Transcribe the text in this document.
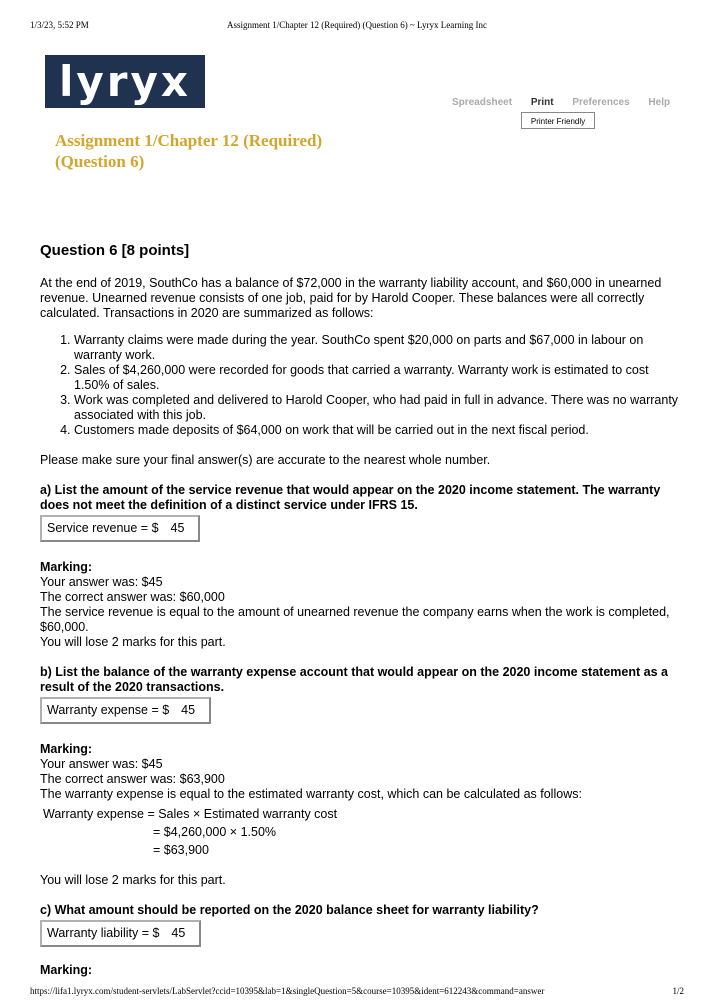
1/3/23, 5:52 PM	Assignment 1/Chapter 12 (Required) (Question 6) ~ Lyryx Learning Inc
lyryx	Spreadsheet Print Preferences Help
Printer Friendly
Assignment 1/Chapter 12 (Required) (Question 6)
Question 6 [8 points]

At the end of 2019, SouthCo has a balance of $72,000 in the warranty liability account, and $60,000 in unearned revenue. Unearned revenue consists of one job, paid for by Harold Cooper. These balances were all correctly calculated. Transactions in 2020 are summarized as follows:

1. Warranty claims were made during the year. SouthCo spent $20,000 on parts and $67,000 in labour on warranty work.
2. Sales of $4,260,000 were recorded for goods that carried a warranty. Warranty work is estimated to cost 1.50% of sales.
3. Work was completed and delivered to Harold Cooper, who had paid in full in advance. There was no warranty associated with this job.
4. Customers made deposits of $64,000 on work that will be carried out in the next fiscal period.

Please make sure your final answer(s) are accurate to the nearest whole number.

a) List the amount of the service revenue that would appear on the 2020 income statement. The warranty does not meet the definition of a distinct service under IFRS 15.

Service revenue = $ 45

Marking:

Your answer was: $45

The correct answer was: $60,000

The service revenue is equal to the amount of unearned revenue the company earns when the work is completed, $60,000.

You will lose 2 marks for this part.

b) List the balance of the warranty expense account that would appear on the 2020 income statement as a result of the 2020 transactions.

Warranty expense = $ 45

Marking:

Your answer was: $45

The correct answer was: $63,900

The warranty expense is equal to the estimated warranty cost, which can be calculated as follows:

Warranty expense = Sales × Estimated warranty cost
= $4,260,000 × 1.50%
= $63,900

You will lose 2 marks for this part.

c) What amount should be reported on the 2020 balance sheet for warranty liability?

Warranty liability = $ 45

Marking:

https://lifa1.lyryx.com/student-servlets/LabServlet?ccid=10395&lab=1&singleQuestion=5&course=10395&ident=612243&command=answer	1/2
